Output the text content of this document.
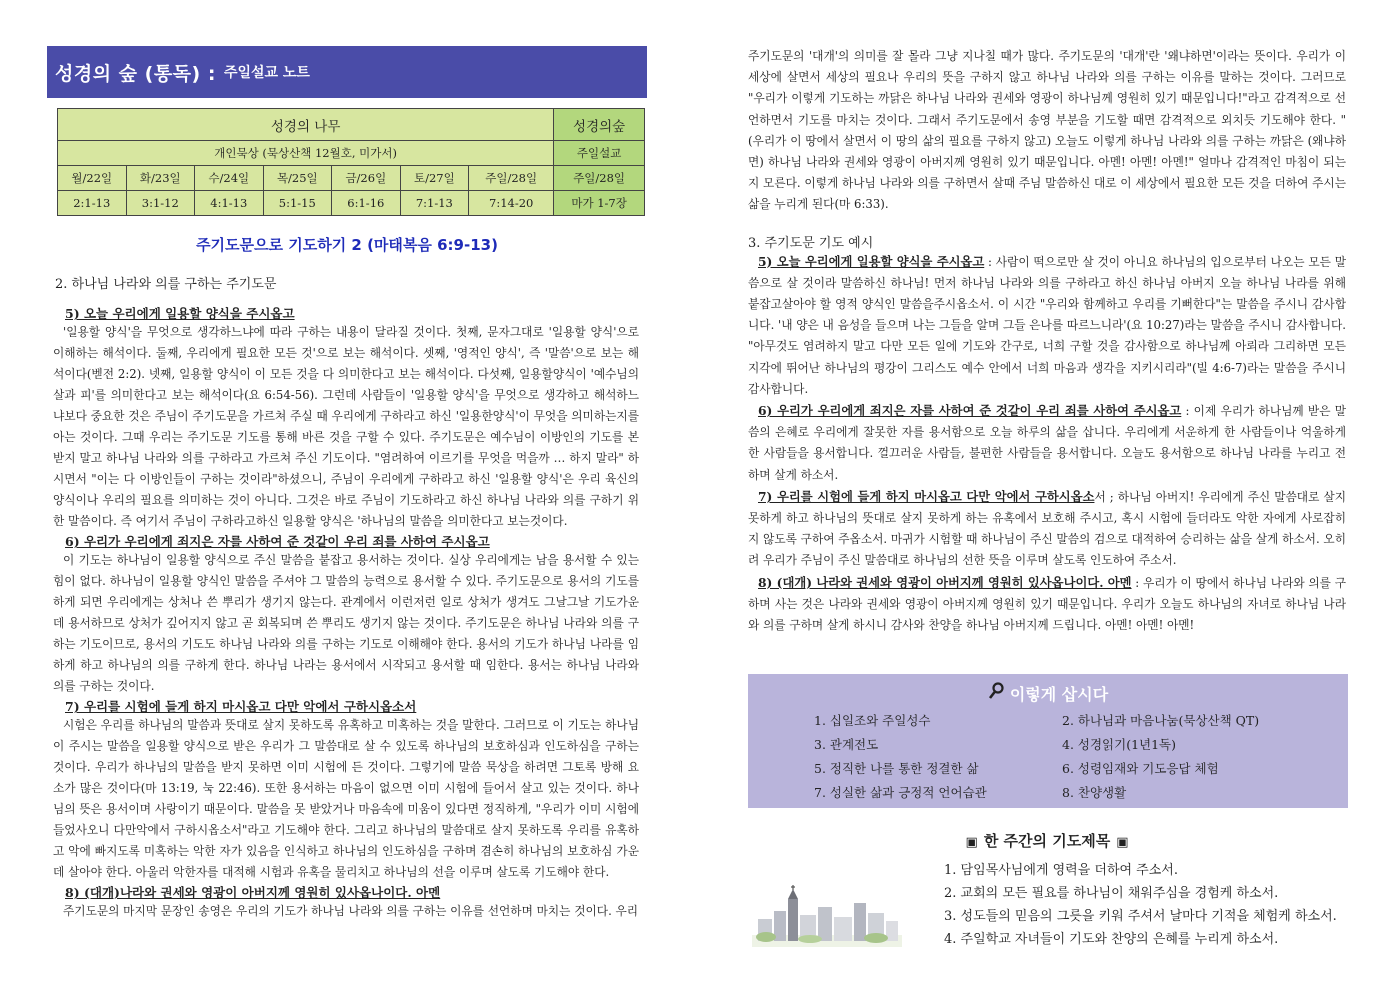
성경의 숲 (통독) : 주일설교 노트
성경의 나무							성경의숲
개인묵상 (묵상산책 12월호, 미가서)							주일설교
월/22일	화/23일	수/24일	목/25일	금/26일	토/27일	주일/28일	주일/28일
2:1-13	3:1-12	4:1-13	5:1-15	6:1-16	7:1-13	7:14-20	마가 1-7장
주기도문으로 기도하기 2 (마태복음 6:9-13)
2. 하나님 나라와 의를 구하는 주기도문
5) 오늘 우리에게 일용할 양식을 주시옵고

'일용할 양식'을 무엇으로 생각하느냐에 따라 구하는 내용이 달라질 것이다. 첫째, 문자그대로 '일용할 양식'으로 이해하는 해석이다. 둘째, 우리에게 필요한 모든 것'으로 보는 해석이다. 셋째, '영적인 양식', 즉 '말씀'으로 보는 해석이다(벧전 2:2). 넷째, 일용할 양식이 이 모든 것을 다 의미한다고 보는 해석이다. 다섯째, 일용할양식이 '예수님의 살과 피'를 의미한다고 보는 해석이다(요 6:54-56). 그런데 사람들이 '일용할 양식'을 무엇으로 생각하고 해석하느냐보다 중요한 것은 주님이 주기도문을 가르쳐 주실 때 우리에게 구하라고 하신 '일용한양식'이 무엇을 의미하는지를 아는 것이다. 그때 우리는 주기도문 기도를 통해 바른 것을 구할 수 있다. 주기도문은 예수님이 이방인의 기도를 본받지 말고 하나님 나라와 의를 구하라고 가르쳐 주신 기도이다. "염려하여 이르기를 무엇을 먹을까 … 하지 말라" 하시면서 "이는 다 이방인들이 구하는 것이라"하셨으니, 주님이 우리에게 구하라고 하신 '일용할 양식'은 우리 육신의 양식이나 우리의 필요를 의미하는 것이 아니다. 그것은 바로 주님이 기도하라고 하신 하나님 나라와 의를 구하기 위한 말씀이다. 즉 여기서 주님이 구하라고하신 일용할 양식은 '하나님의 말씀을 의미한다고 보는것이다.

6) 우리가 우리에게 죄지은 자를 사하여 준 것같이 우리 죄를 사하여 주시옵고

이 기도는 하나님이 일용할 양식으로 주신 말씀을 붙잡고 용서하는 것이다. 실상 우리에게는 남을 용서할 수 있는 힘이 없다. 하나님이 일용할 양식인 말씀을 주셔야 그 말씀의 능력으로 용서할 수 있다. 주기도문으로 용서의 기도를 하게 되면 우리에게는 상처나 쓴 뿌리가 생기지 않는다. 관계에서 이런저런 일로 상처가 생겨도 그날그날 기도가운데 용서하므로 상처가 깊어지지 않고 곧 회복되며 쓴 뿌리도 생기지 않는 것이다. 주기도문은 하나님 나라와 의를 구하는 기도이므로, 용서의 기도도 하나님 나라와 의를 구하는 기도로 이해해야 한다. 용서의 기도가 하나님 나라를 임하게 하고 하나님의 의를 구하게 한다. 하나님 나라는 용서에서 시작되고 용서할 때 임한다. 용서는 하나님 나라와 의를 구하는 것이다.

7) 우리를 시험에 들게 하지 마시옵고 다만 악에서 구하시옵소서

시험은 우리를 하나님의 말씀과 뜻대로 살지 못하도록 유혹하고 미혹하는 것을 말한다. 그러므로 이 기도는 하나님이 주시는 말씀을 일용할 양식으로 받은 우리가 그 말씀대로 살 수 있도록 하나님의 보호하심과 인도하심을 구하는 것이다. 우리가 하나님의 말씀을 받지 못하면 이미 시험에 든 것이다. 그렇기에 말씀 묵상을 하려면 그토록 방해 요소가 많은 것이다(마 13:19, 눅 22:46). 또한 용서하는 마음이 없으면 이미 시험에 들어서 살고 있는 것이다. 하나님의 뜻은 용서이며 사랑이기 때문이다. 말씀을 못 받았거나 마음속에 미움이 있다면 정직하게, "우리가 이미 시험에 들었사오니 다만악에서 구하시옵소서"라고 기도해야 한다. 그리고 하나님의 말씀대로 살지 못하도록 우리를 유혹하고 악에 빠지도록 미혹하는 악한 자가 있음을 인식하고 하나님의 인도하심을 구하며 겸손히 하나님의 보호하심 가운데 살아야 한다. 아울러 악한자를 대적해 시험과 유혹을 물리치고 하나님의 선을 이루며 살도록 기도해야 한다.

8) (대개)나라와 권세와 영광이 아버지께 영원히 있사옵나이다. 아멘

주기도문의 마지막 문장인 송영은 우리의 기도가 하나님 나라와 의를 구하는 이유를 선언하며 마치는 것이다. 우리

주기도문의 '대개'의 의미를 잘 몰라 그냥 지나칠 때가 많다. 주기도문의 '대개'란 '왜냐하면'이라는 뜻이다. 우리가 이 세상에 살면서 세상의 필요나 우리의 뜻을 구하지 않고 하나님 나라와 의를 구하는 이유를 말하는 것이다. 그러므로 "우리가 이렇게 기도하는 까닭은 하나님 나라와 권세와 영광이 하나님께 영원히 있기 때문입니다!"라고 감격적으로 선언하면서 기도를 마치는 것이다. 그래서 주기도문에서 송영 부분을 기도할 때면 감격적으로 외치듯 기도해야 한다. "(우리가 이 땅에서 살면서 이 땅의 삶의 필요를 구하지 않고) 오늘도 이렇게 하나님 나라와 의를 구하는 까닭은 (왜냐하면) 하나님 나라와 권세와 영광이 아버지께 영원히 있기 때문입니다. 아멘! 아멘! 아멘!" 얼마나 감격적인 마침이 되는지 모른다. 이렇게 하나님 나라와 의를 구하면서 살때 주님 말씀하신 대로 이 세상에서 필요한 모든 것을 더하여 주시는 삶을 누리게 된다(마 6:33).

3. 주기도문 기도 예시

5) 오늘 우리에게 일용할 양식을 주시옵고 : 사람이 떡으로만 살 것이 아니요 하나님의 입으로부터 나오는 모든 말씀으로 살 것이라 말씀하신 하나님! 먼저 하나님 나라와 의를 구하라고 하신 하나님 아버지 오늘 하나님 나라를 위해 붙잡고살아야 할 영적 양식인 말씀을주시옵소서. 이 시간 "우리와 함께하고 우리를 기뻐한다"는 말씀을 주시니 감사합니다. '내 양은 내 음성을 들으며 나는 그들을 알며 그들 은나를 따르느니라'(요 10:27)라는 말씀을 주시니 감사합니다. "아무것도 염려하지 말고 다만 모든 일에 기도와 간구로, 너희 구할 것을 감사함으로 하나님께 아뢰라 그리하면 모든 지각에 뛰어난 하나님의 평강이 그리스도 예수 안에서 너희 마음과 생각을 지키시리라"(빌 4:6-7)라는 말씀을 주시니 감사합니다.

6) 우리가 우리에게 죄지은 자를 사하여 준 것같이 우리 죄를 사하여 주시옵고 : 이제 우리가 하나님께 받은 말씀의 은혜로 우리에게 잘못한 자를 용서함으로 오늘 하루의 삶을 삽니다. 우리에게 서운하게 한 사람들이나 억울하게 한 사람들을 용서합니다. 껄끄러운 사람들, 불편한 사람들을 용서합니다. 오늘도 용서함으로 하나님 나라를 누리고 전하며 살게 하소서.

7) 우리를 시험에 들게 하지 마시옵고 다만 악에서 구하시옵소서 ; 하나님 아버지! 우리에게 주신 말씀대로 살지 못하게 하고 하나님의 뜻대로 살지 못하게 하는 유혹에서 보호해 주시고, 혹시 시험에 들더라도 악한 자에게 사로잡히지 않도록 구하여 주옵소서. 마귀가 시험할 때 하나님이 주신 말씀의 검으로 대적하여 승리하는 삶을 살게 하소서. 오히려 우리가 주님이 주신 말씀대로 하나님의 선한 뜻을 이루며 살도록 인도하여 주소서.

8) (대개) 나라와 권세와 영광이 아버지께 영원히 있사옵나이다. 아멘 : 우리가 이 땅에서 하나님 나라와 의를 구하며 사는 것은 나라와 권세와 영광이 아버지께 영원히 있기 때문입니다. 우리가 오늘도 하나님의 자녀로 하나님 나라와 의를 구하며 살게 하시니 감사와 찬양을 하나님 아버지께 드립니다. 아멘! 아멘! 아멘!

이렇게 삽시다
1. 십일조와 주일성수	2. 하나님과 마음나눔(묵상산책 QT)
3. 관계전도	4. 성경읽기(1년1독)
5. 정직한 나를 통한 정결한 삶	6. 성령임재와 기도응답 체험
7. 성실한 삶과 긍정적 언어습관	8. 찬양생활
▣ 한 주간의 기도제목 ▣
1. 담임목사님에게 영력을 더하여 주소서.
2. 교회의 모든 필요를 하나님이 채워주심을 경험케 하소서.
3. 성도들의 믿음의 그릇을 키워 주셔서 날마다 기적을 체험케 하소서.
4. 주일학교 자녀들이 기도와 찬양의 은혜를 누리게 하소서.
